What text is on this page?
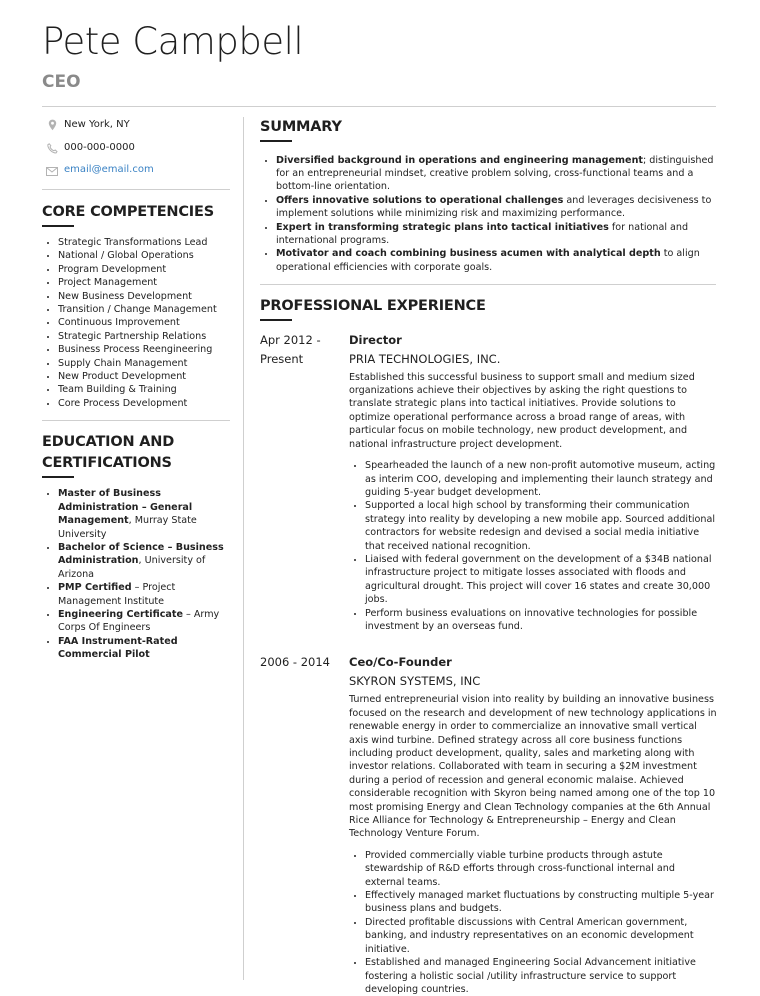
Pete Campbell
CEO
New York, NY
000-000-0000
email@email.com
CORE COMPETENCIES
• Strategic Transformations Lead
• National / Global Operations
• Program Development
• Project Management
• New Business Development
• Transition / Change Management
• Continuous Improvement
• Strategic Partnership Relations
• Business Process Reengineering
• Supply Chain Management
• New Product Development
• Team Building & Training
• Core Process Development
EDUCATION AND
CERTIFICATIONS
• Master of Business Administration – General Management, Murray State University
• Bachelor of Science – Business Administration, University of Arizona
• PMP Certified – Project Management Institute
• Engineering Certificate – Army Corps Of Engineers
• FAA Instrument-Rated Commercial Pilot
SUMMARY
• Diversified background in operations and engineering management; distinguished for an entrepreneurial mindset, creative problem solving, cross-functional teams and a bottom-line orientation.
• Offers innovative solutions to operational challenges and leverages decisiveness to implement solutions while minimizing risk and maximizing performance.
• Expert in transforming strategic plans into tactical initiatives for national and international programs.
• Motivator and coach combining business acumen with analytical depth to align operational efficiencies with corporate goals.
PROFESSIONAL EXPERIENCE
Apr 2012 -
Present
Director
PRIA TECHNOLOGIES, INC.
Established this successful business to support small and medium sized organizations achieve their objectives by asking the right questions to translate strategic plans into tactical initiatives. Provide solutions to optimize operational performance across a broad range of areas, with particular focus on mobile technology, new product development, and national infrastructure project development.
• Spearheaded the launch of a new non-profit automotive museum, acting as interim COO, developing and implementing their launch strategy and guiding 5-year budget development.
• Supported a local high school by transforming their communication strategy into reality by developing a new mobile app. Sourced additional contractors for website redesign and devised a social media initiative that received national recognition.
• Liaised with federal government on the development of a $34B national infrastructure project to mitigate losses associated with floods and agricultural drought. This project will cover 16 states and create 30,000 jobs.
• Perform business evaluations on innovative technologies for possible investment by an overseas fund.
2006 - 2014	Ceo/Co-Founder
SKYRON SYSTEMS, INC
Turned entrepreneurial vision into reality by building an innovative business focused on the research and development of new technology applications in renewable energy in order to commercialize an innovative small vertical axis wind turbine. Defined strategy across all core business functions including product development, quality, sales and marketing along with investor relations. Collaborated with team in securing a $2M investment during a period of recession and general economic malaise. Achieved considerable recognition with Skyron being named among one of the top 10 most promising Energy and Clean Technology companies at the 6th Annual Rice Alliance for Technology & Entrepreneurship – Energy and Clean Technology Venture Forum.
• Provided commercially viable turbine products through astute stewardship of R&D efforts through cross-functional internal and external teams.
• Effectively managed market fluctuations by constructing multiple 5-year business plans and budgets.
• Directed profitable discussions with Central American government, banking, and industry representatives on an economic development initiative.
• Established and managed Engineering Social Advancement initiative fostering a holistic social /utility infrastructure service to support developing countries.
